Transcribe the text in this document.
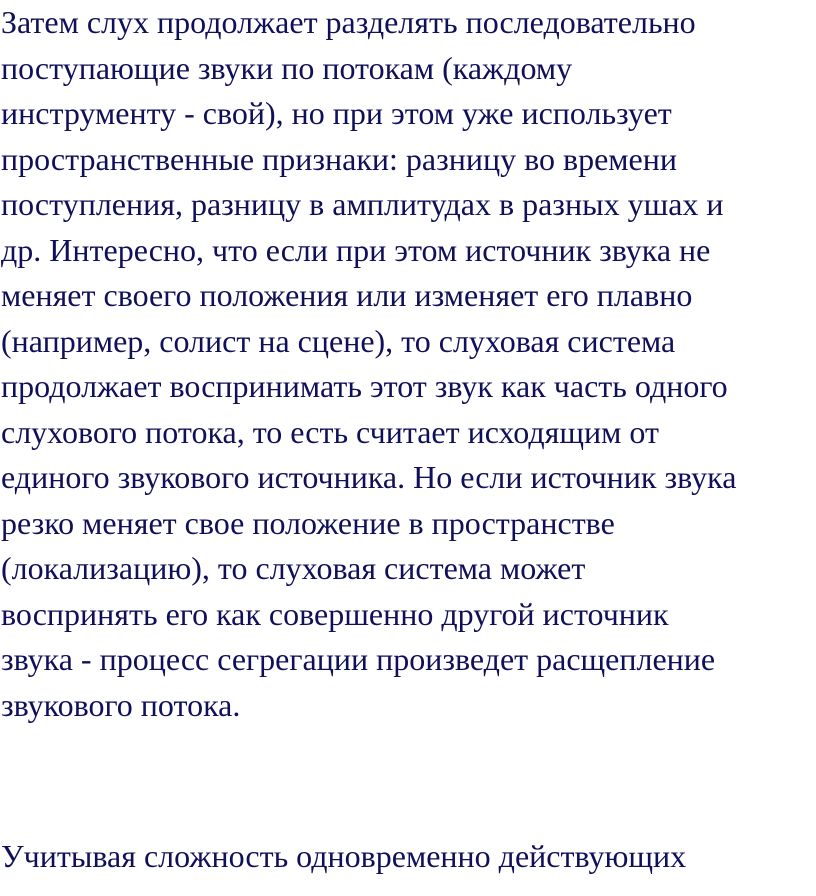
Затем слух продолжает разделять последовательно
поступающие звуки по потокам (каждому
инструменту - свой), но при этом уже использует
пространственные признаки: разницу во времени
поступления, разницу в амплитудах в разных ушах и
др. Интересно, что если при этом источник звука не
меняет своего положения или изменяет его плавно
(например, солист на сцене), то слуховая система
продолжает воспринимать этот звук как часть одного
слухового потока, то есть считает исходящим от
единого звукового источника. Но если источник звука
резко меняет свое положение в пространстве
(локализацию), то слуховая система может
воспринять его как совершенно другой источник
звука - процесс сегрегации произведет расщепление
звукового потока.

Учитывая сложность одновременно действующих
